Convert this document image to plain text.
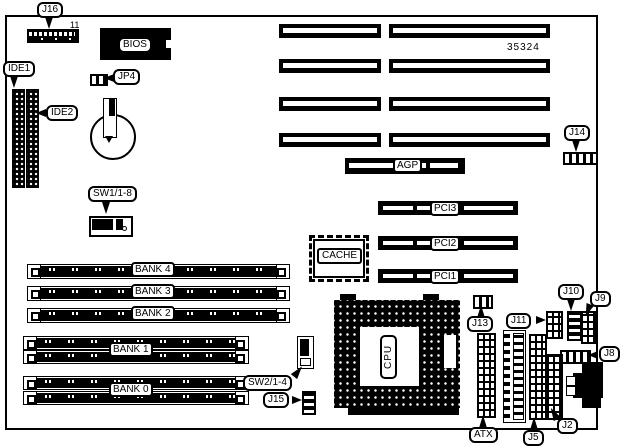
J16
11
BIOS
IDE1
IDE2
JP4
SW1/1-8
BANK 4
BANK 3
BANK 2
BANK 1
BANK 0
SW2/1-4
J15
35324
AGP
J14
PCI3
PCI2
PCI1
CACHE
CPU
J13	J11
J10
J9
J8
ATX	J5
J2
